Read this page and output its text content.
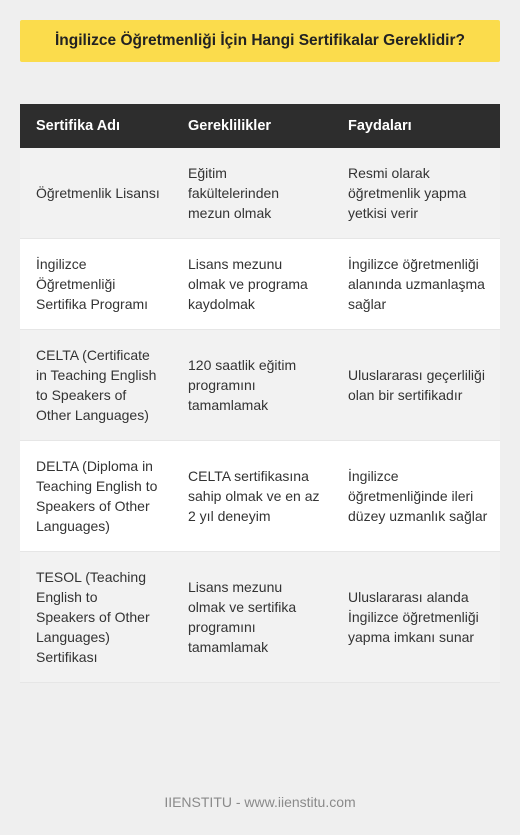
İngilizce Öğretmenliği İçin Hangi Sertifikalar Gereklidir?
Sertifika Adı	Gereklilikler	Faydaları
Öğretmenlik Lisansı	Eğitim fakültelerinden mezun olmak	Resmi olarak öğretmenlik yapma yetkisi verir
İngilizce Öğretmenliği Sertifika Programı	Lisans mezunu olmak ve programa kaydolmak	İngilizce öğretmenliği alanında uzmanlaşma sağlar
CELTA (Certificate in Teaching English to Speakers of Other Languages)	120 saatlik eğitim programını tamamlamak	Uluslararası geçerliliği olan bir sertifikadır
DELTA (Diploma in Teaching English to Speakers of Other Languages)	CELTA sertifikasına sahip olmak ve en az 2 yıl deneyim	İngilizce öğretmenliğinde ileri düzey uzmanlık sağlar
TESOL (Teaching English to Speakers of Other Languages) Sertifikası	Lisans mezunu olmak ve sertifika programını tamamlamak	Uluslararası alanda İngilizce öğretmenliği yapma imkanı sunar
IIENSTITU - www.iienstitu.com
